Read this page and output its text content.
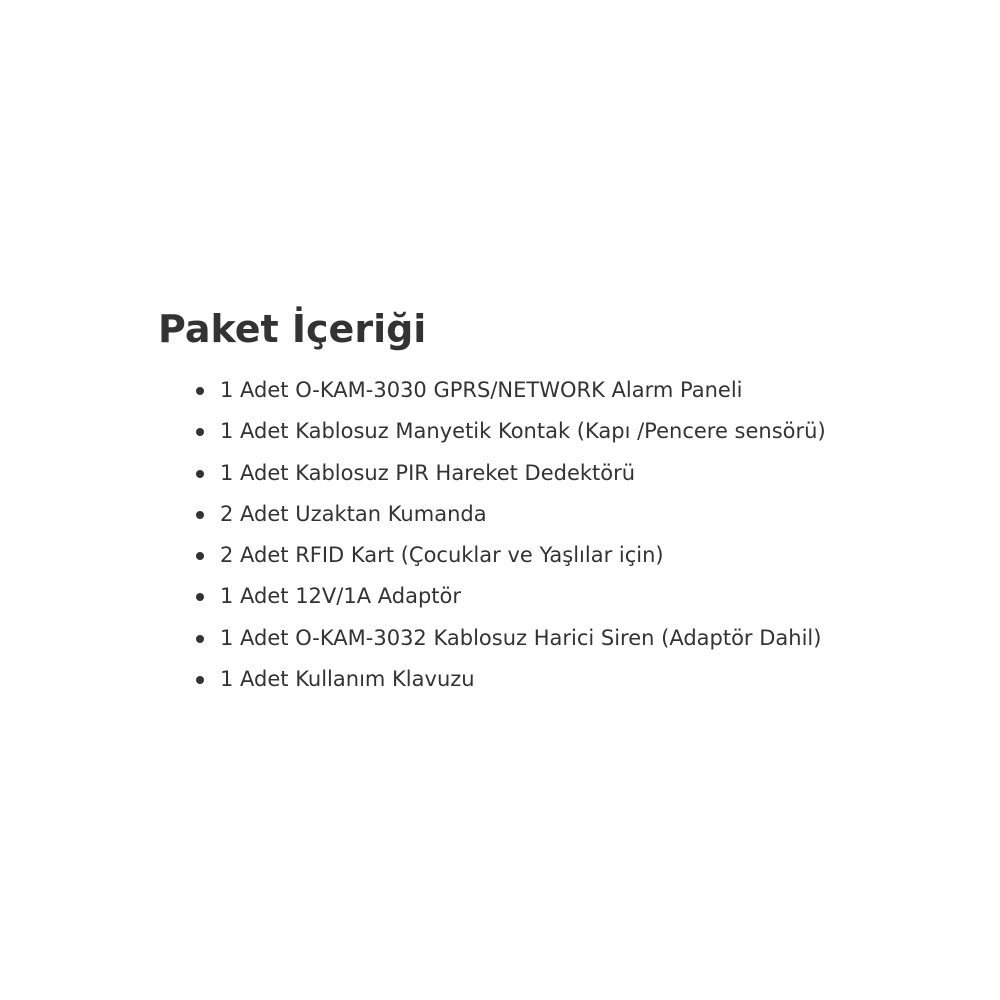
Paket İçeriği
1 Adet O-KAM-3030 GPRS/NETWORK Alarm Paneli
1 Adet Kablosuz Manyetik Kontak (Kapı /Pencere sensörü)
1 Adet Kablosuz PIR Hareket Dedektörü
2 Adet Uzaktan Kumanda
2 Adet RFID Kart (Çocuklar ve Yaşlılar için)
1 Adet 12V/1A Adaptör
1 Adet O-KAM-3032 Kablosuz Harici Siren (Adaptör Dahil)
1 Adet Kullanım Klavuzu
